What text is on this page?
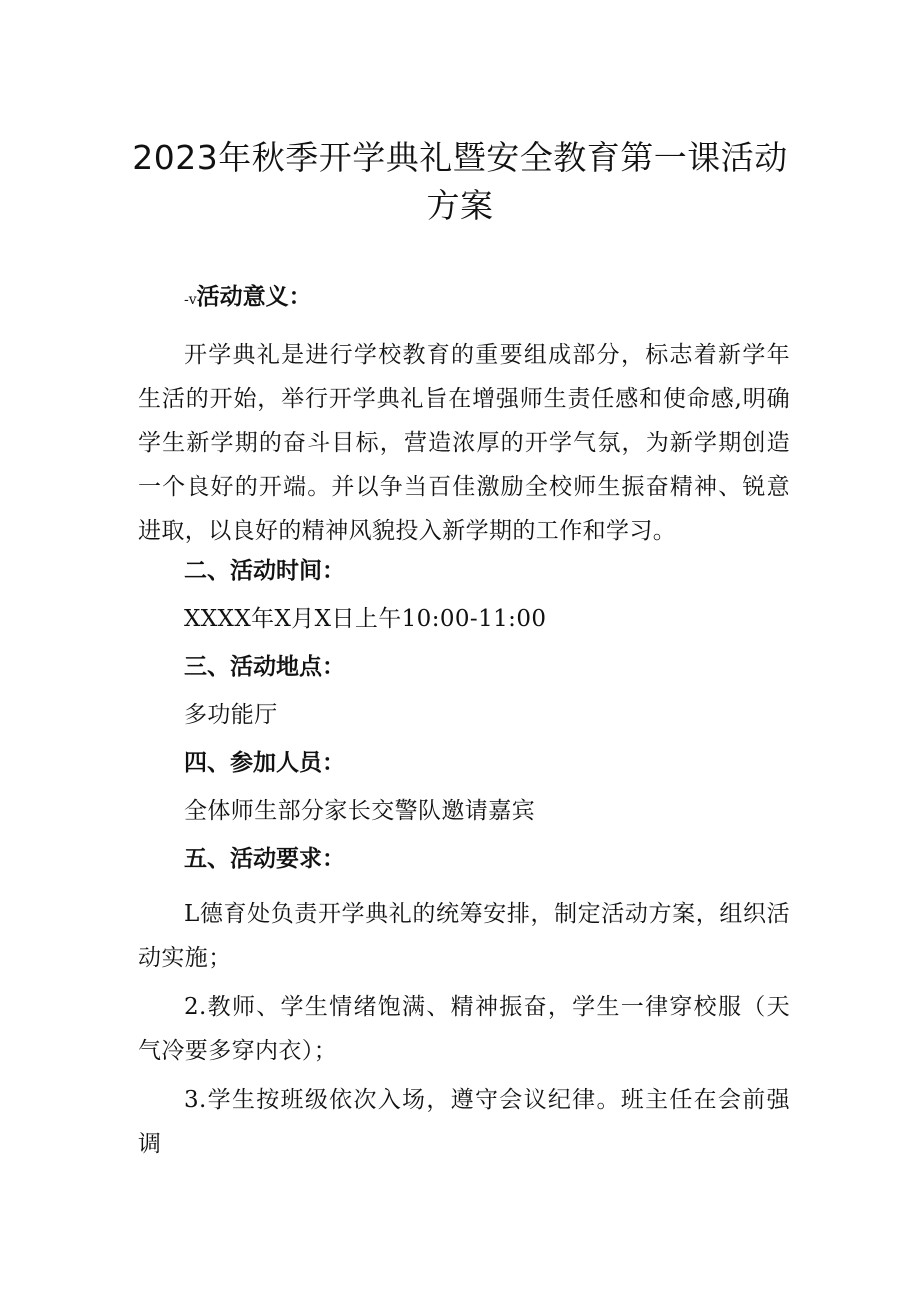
2023年秋季开学典礼暨安全教育第一课活动方案
-v活动意义：

开学典礼是进行学校教育的重要组成部分，标志着新学年生活的开始，举行开学典礼旨在增强师生责任感和使命感,明确学生新学期的奋斗目标，营造浓厚的开学气氛，为新学期创造一个良好的开端。并以争当百佳激励全校师生振奋精神、锐意进取，以良好的精神风貌投入新学期的工作和学习。

二、活动时间：
XXXX年X月X日上午10:00-11:00
三、活动地点：
多功能厅
四、参加人员：
全体师生部分家长交警队邀请嘉宾
五、活动要求：

L德育处负责开学典礼的统筹安排，制定活动方案，组织活动实施；

2.教师、学生情绪饱满、精神振奋，学生一律穿校服（天气冷要多穿内衣）；

3.学生按班级依次入场，遵守会议纪律。班主任在会前强调
